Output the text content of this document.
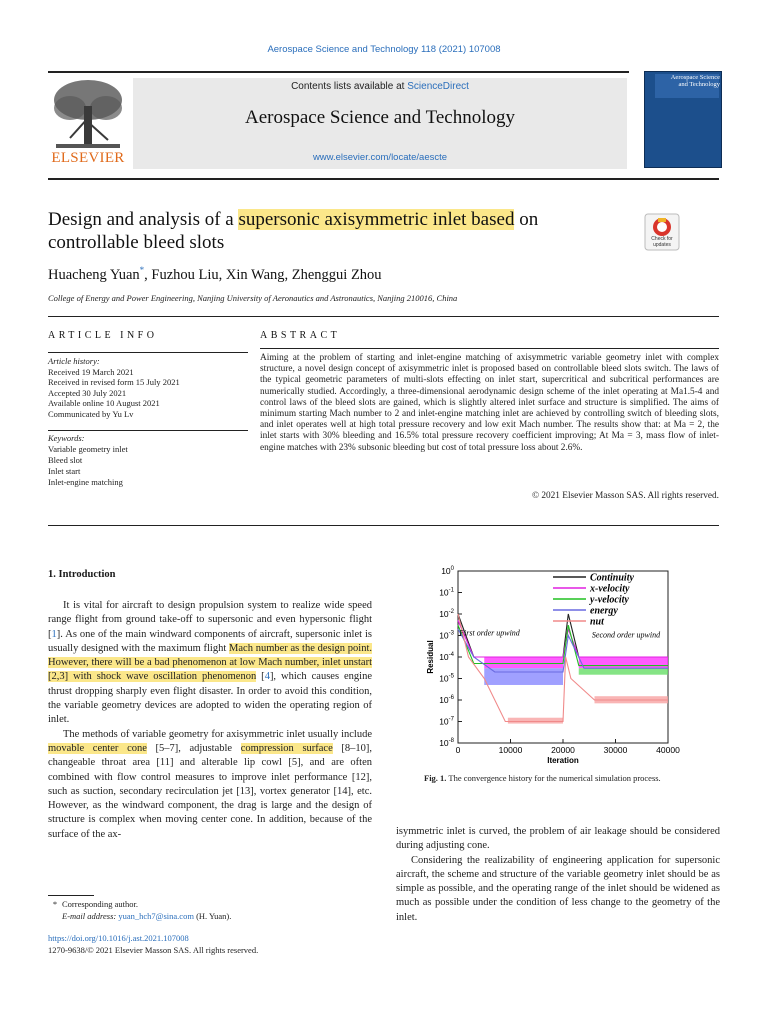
Aerospace Science and Technology 118 (2021) 107008
ELSEVIER
Contents lists available at ScienceDirect
Aerospace Science and Technology
www.elsevier.com/locate/aescte
Aerospace Science and Technology
Design and analysis of a supersonic axisymmetric inlet based on controllable bleed slots	Check for updates
Huacheng Yuan*, Fuzhou Liu, Xin Wang, Zhenggui Zhou
College of Energy and Power Engineering, Nanjing University of Aeronautics and Astronautics, Nanjing 210016, China
ARTICLE INFO	ABSTRACT
Article history:
Received 19 March 2021
Received in revised form 15 July 2021
Accepted 30 July 2021
Available online 10 August 2021
Communicated by Yu Lv
Keywords:
Variable geometry inlet
Bleed slot
Inlet start
Inlet-engine matching
Aiming at the problem of starting and inlet-engine matching of axisymmetric variable geometry inlet with complex structure, a novel design concept of axisymmetric inlet is proposed based on controllable bleed slots switch. The laws of the typical geometric parameters of multi-slots effecting on inlet start, supercritical and subcritical performances are numerically studied. Accordingly, a three-dimensional aerodynamic design scheme of the inlet operating at Ma1.5-4 and control laws of the bleed slots are gained, which is slightly altered inlet surface and structure is simplified. The aims of minimum starting Mach number to 2 and inlet-engine matching inlet are achieved by controlling switch of bleeding slots, and inlet operates well at high total pressure recovery and low exit Mach number. The results show that: at Ma = 2, the inlet starts with 30% bleeding and 16.5% total pressure recovery coefficient improving; At Ma = 3, mass flow of inlet-engine matches with 23% subsonic bleeding but cost of total pressure loss about 2.6%.
© 2021 Elsevier Masson SAS. All rights reserved.
1. Introduction

It is vital for aircraft to design propulsion system to realize wide speed range flight from ground take-off to supersonic and even hypersonic flight [1]. As one of the main windward components of aircraft, supersonic inlet is usually designed with the maximum flight Mach number as the design point. However, there will be a bad phenomenon at low Mach number, inlet unstart [2,3] with shock wave oscillation phenomenon [4], which causes engine thrust dropping sharply even flight disaster. In order to avoid this condition, the variable geometry devices are adopted to widen the operating region of inlet.

The methods of variable geometry for axisymmetric inlet usually include movable center cone [5–7], adjustable compression surface [8–10], changeable throat area [11] and alterable lip cowl [5], and are often combined with flow control measures to improve inlet performance [12], such as suction, secondary recirculation jet [13], vortex generator [14], etc. However, as the windward component, the drag is large and the design of structure is complex when moving center cone. In addition, because of the surface of the ax-

0	10000	20000	30000	40000
$10^0$
$10^{-1}$
$10^{-2}$
$10^{-3}$
$10^{-4}$
$10^{-5}$
$10^{-6}$
$10^{-7}$
$10^{-8}$
Iteration
Residual
Continuity
x-velocity
y-velocity
energy
nut
First order upwind	Second order upwind
Fig. 1. The convergence history for the numerical simulation process.

isymmetric inlet is curved, the problem of air leakage should be considered during adjusting cone.

Considering the realizability of engineering application for supersonic aircraft, the scheme and structure of the variable geometry inlet should be as simple as possible, and the operating range of the inlet should be widened as much as possible under the condition of less change to the geometry of the inlet.

* Corresponding author.
E-mail address: yuan_hch7@sina.com (H. Yuan).
https://doi.org/10.1016/j.ast.2021.107008
1270-9638/© 2021 Elsevier Masson SAS. All rights reserved.
